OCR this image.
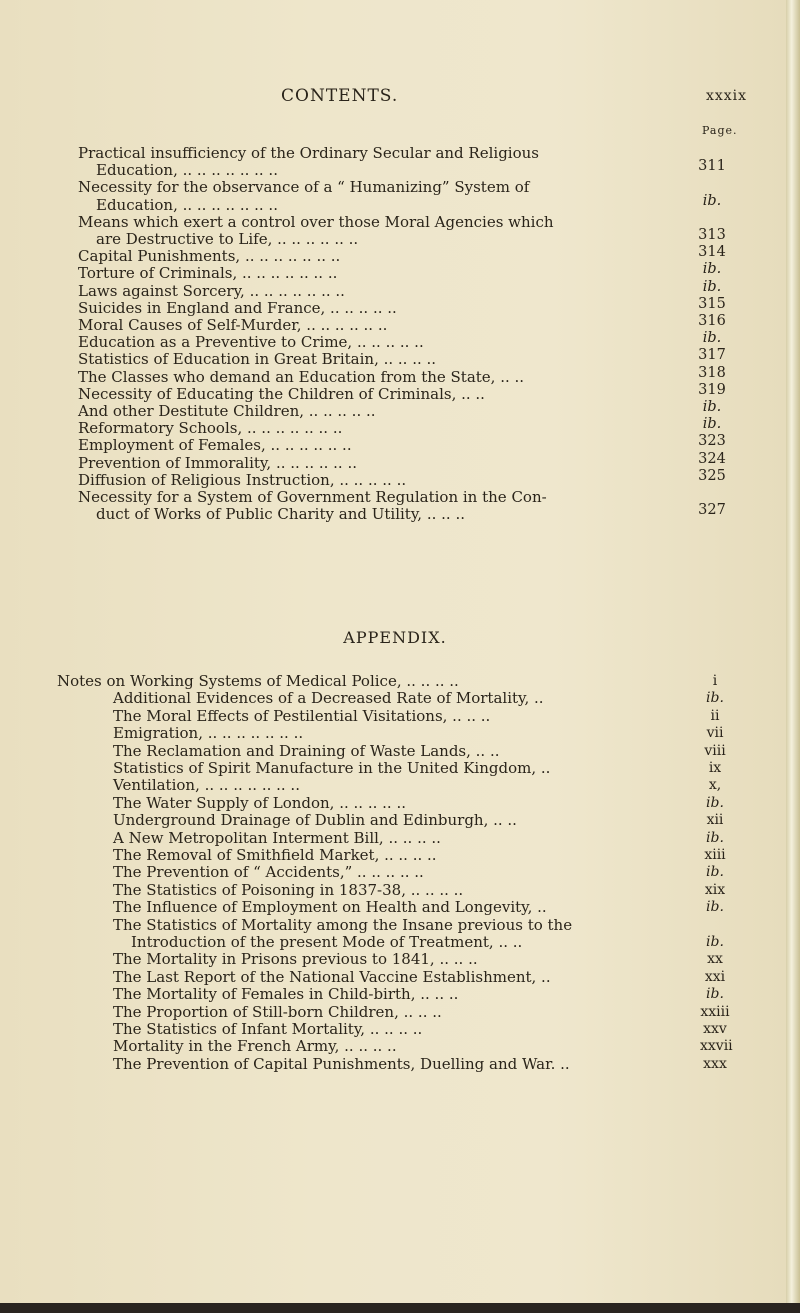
CONTENTS.	xxxix
Page.
Practical insufficiency of the Ordinary Secular and Religious
Education, .. .. .. .. .. .. ..	311
Necessity for the observance of a “ Humanizing” System of
Education, .. .. .. .. .. .. ..	ib.
Means which exert a control over those Moral Agencies which
are Destructive to Life, .. .. .. .. .. ..	313
Capital Punishments, .. .. .. .. .. .. ..	314
Torture of Criminals, .. .. .. .. .. .. ..	ib.
Laws against Sorcery, .. .. .. .. .. .. ..	ib.
Suicides in England and France, .. .. .. .. ..	315
Moral Causes of Self-Murder, .. .. .. .. .. ..	316
Education as a Preventive to Crime, .. .. .. .. ..	ib.
Statistics of Education in Great Britain, .. .. .. ..	317
The Classes who demand an Education from the State, .. ..	318
Necessity of Educating the Children of Criminals, .. ..	319
And other Destitute Children, .. .. .. .. ..	ib.
Reformatory Schools, .. .. .. .. .. .. ..	ib.
Employment of Females, .. .. .. .. .. ..	323
Prevention of Immorality, .. .. .. .. .. ..	324
Diffusion of Religious Instruction, .. .. .. .. ..	325
Necessity for a System of Government Regulation in the Con-
duct of Works of Public Charity and Utility, .. .. ..	327
APPENDIX.
Notes on Working Systems of Medical Police, .. .. .. ..	i
Additional Evidences of a Decreased Rate of Mortality, ..	ib.
The Moral Effects of Pestilential Visitations, .. .. ..	ii
Emigration, .. .. .. .. .. .. ..	vii
The Reclamation and Draining of Waste Lands, .. ..	viii
Statistics of Spirit Manufacture in the United Kingdom, ..	ix
Ventilation, .. .. .. .. .. .. ..	x,
The Water Supply of London, .. .. .. .. ..	ib.
Underground Drainage of Dublin and Edinburgh, .. ..	xii
A New Metropolitan Interment Bill, .. .. .. ..	ib.
The Removal of Smithfield Market, .. .. .. ..	xiii
The Prevention of “ Accidents,” .. .. .. .. ..	ib.
The Statistics of Poisoning in 1837-38, .. .. .. ..	xix
The Influence of Employment on Health and Longevity, ..	ib.
The Statistics of Mortality among the Insane previous to the
Introduction of the present Mode of Treatment, .. ..	ib.
The Mortality in Prisons previous to 1841, .. .. ..	xx
The Last Report of the National Vaccine Establishment, ..	xxi
The Mortality of Females in Child-birth, .. .. ..	ib.
The Proportion of Still-born Children, .. .. ..	xxiii
The Statistics of Infant Mortality, .. .. .. ..	xxv
Mortality in the French Army, .. .. .. ..	xxvii
The Prevention of Capital Punishments, Duelling and War. ..	xxx
